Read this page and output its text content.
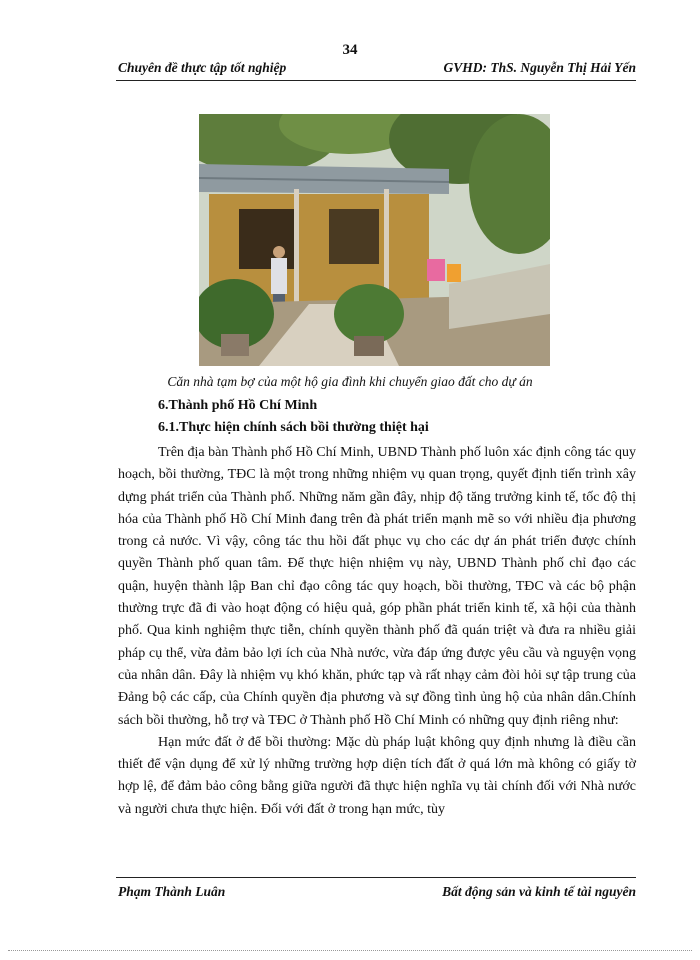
34
Chuyên đề thực tập tốt nghiệp	GVHD: ThS. Nguyễn Thị Hải Yến
Căn nhà tạm bợ của một hộ gia đình khi chuyển giao đất cho dự án
6.Thành phố Hồ Chí Minh
6.1.Thực hiện chính sách bồi thường thiệt hại

Trên địa bàn Thành phố Hồ Chí Minh, UBND Thành phố luôn xác định công tác quy hoạch, bồi thường, TĐC là một trong những nhiệm vụ quan trọng, quyết định tiến trình xây dựng phát triển của Thành phố. Những năm gần đây, nhịp độ tăng trưởng kinh tế, tốc độ thị hóa của Thành phố Hồ Chí Minh đang trên đà phát triển mạnh mẽ so với nhiều địa phương trong cả nước. Vì vậy, công tác thu hồi đất phục vụ cho các dự án phát triển được chính quyền Thành phố quan tâm. Để thực hiện nhiệm vụ này, UBND Thành phố chỉ đạo các quận, huyện thành lập Ban chỉ đạo công tác quy hoạch, bồi thường, TĐC và các bộ phận thường trực đã đi vào hoạt động có hiệu quả, góp phần phát triển kinh tế, xã hội của thành phố. Qua kinh nghiệm thực tiễn, chính quyền thành phố đã quán triệt và đưa ra nhiều giải pháp cụ thể, vừa đảm bảo lợi ích của Nhà nước, vừa đáp ứng được yêu cầu và nguyện vọng của nhân dân. Đây là nhiệm vụ khó khăn, phức tạp và rất nhạy cảm đòi hỏi sự tập trung của Đảng bộ các cấp, của Chính quyền địa phương và sự đồng tình ủng hộ của nhân dân.Chính sách bồi thường, hỗ trợ và TĐC ở Thành phố Hồ Chí Minh có những quy định riêng như:

Hạn mức đất ở để bồi thường: Mặc dù pháp luật không quy định nhưng là điều cần thiết để vận dụng để xử lý những trường hợp diện tích đất ở quá lớn mà không có giấy tờ hợp lệ, để đảm bảo công bằng giữa người đã thực hiện nghĩa vụ tài chính đối với Nhà nước và người chưa thực hiện. Đối với đất ở trong hạn mức, tùy

Phạm Thành Luân	Bất động sản và kinh tế tài nguyên
